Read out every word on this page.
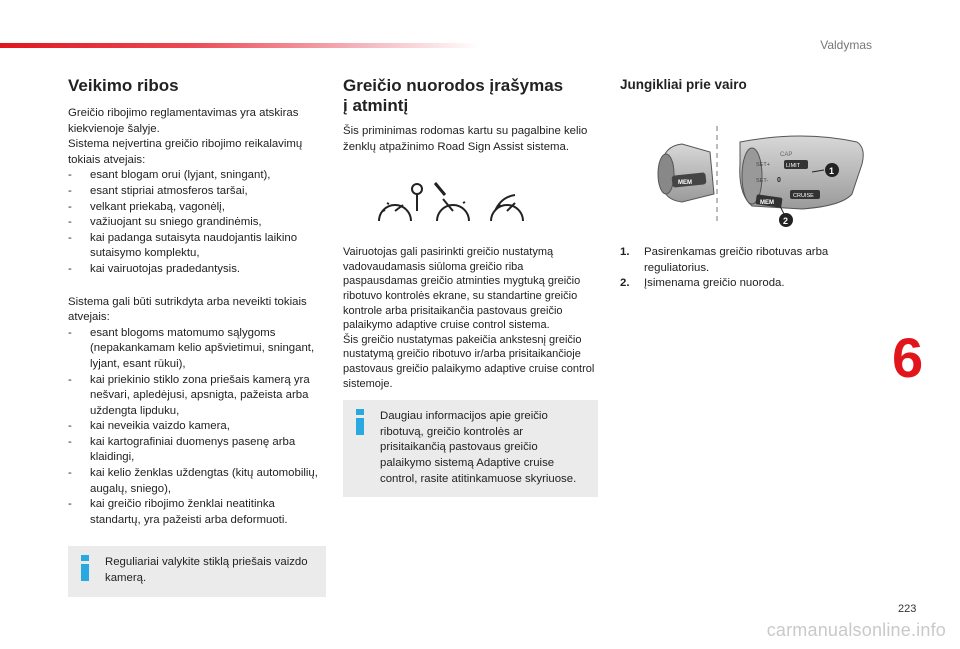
Valdymas
Veikimo ribos

Greičio ribojimo reglamentavimas yra atskiras kiekvienoje šalyje.

Sistema neįvertina greičio ribojimo reikalavimų tokiais atvejais:

- esant blogam orui (lyjant, sningant),
- esant stipriai atmosferos taršai,
- velkant priekabą, vagonėlį,
- važiuojant su sniego grandinėmis,
- kai padanga sutaisyta naudojantis laikino sutaisymo komplektu,
- kai vairuotojas pradedantysis.

Sistema gali būti sutrikdyta arba neveikti tokiais atvejais:

- esant blogoms matomumo sąlygoms (nepakankamam kelio apšvietimui, sningant, lyjant, esant rūkui),
- kai priekinio stiklo zona priešais kamerą yra nešvari, apledėjusi, apsnigta, pažeista arba uždengta lipduku,
- kai neveikia vaizdo kamera,
- kai kartografiniai duomenys pasenę arba klaidingi,
- kai kelio ženklas uždengtas (kitų automobilių, augalų, sniego),
- kai greičio ribojimo ženklai neatitinka standartų, yra pažeisti arba deformuoti.

Reguliariai valykite stiklą priešais vaizdo kamerą.

Greičio nuorodos įrašymas
į atmintį

Šis priminimas rodomas kartu su pagalbine kelio ženklų atpažinimo Road Sign Assist sistema.

Vairuotojas gali pasirinkti greičio nustatymą vadovaudamasis siūloma greičio riba paspausdamas greičio atminties mygtuką greičio ribotuvo kontrolės ekrane, su standartine greičio kontrole arba prisitaikančia pastovaus greičio palaikymo adaptive cruise control sistema.

Šis greičio nustatymas pakeičia ankstesnį greičio nustatymą greičio ribotuvo ir/arba prisitaikančioje pastovaus greičio palaikymo adaptive cruise control sistemoje.

Daugiau informacijos apie greičio ribotuvą, greičio kontrolės ar prisitaikančią pastovaus greičio palaikymo sistemą Adaptive cruise control, rasite atitinkamuose skyriuose.

Jungikliai prie vairo
MEM
CAP
LIMIT
0
SET+
SET-
CRUISE
MEM
1
2
1. Pasirenkamas greičio ribotuvas arba reguliatorius.
2. Įsimenama greičio nuoroda.
6
223
carmanualsonline.info
